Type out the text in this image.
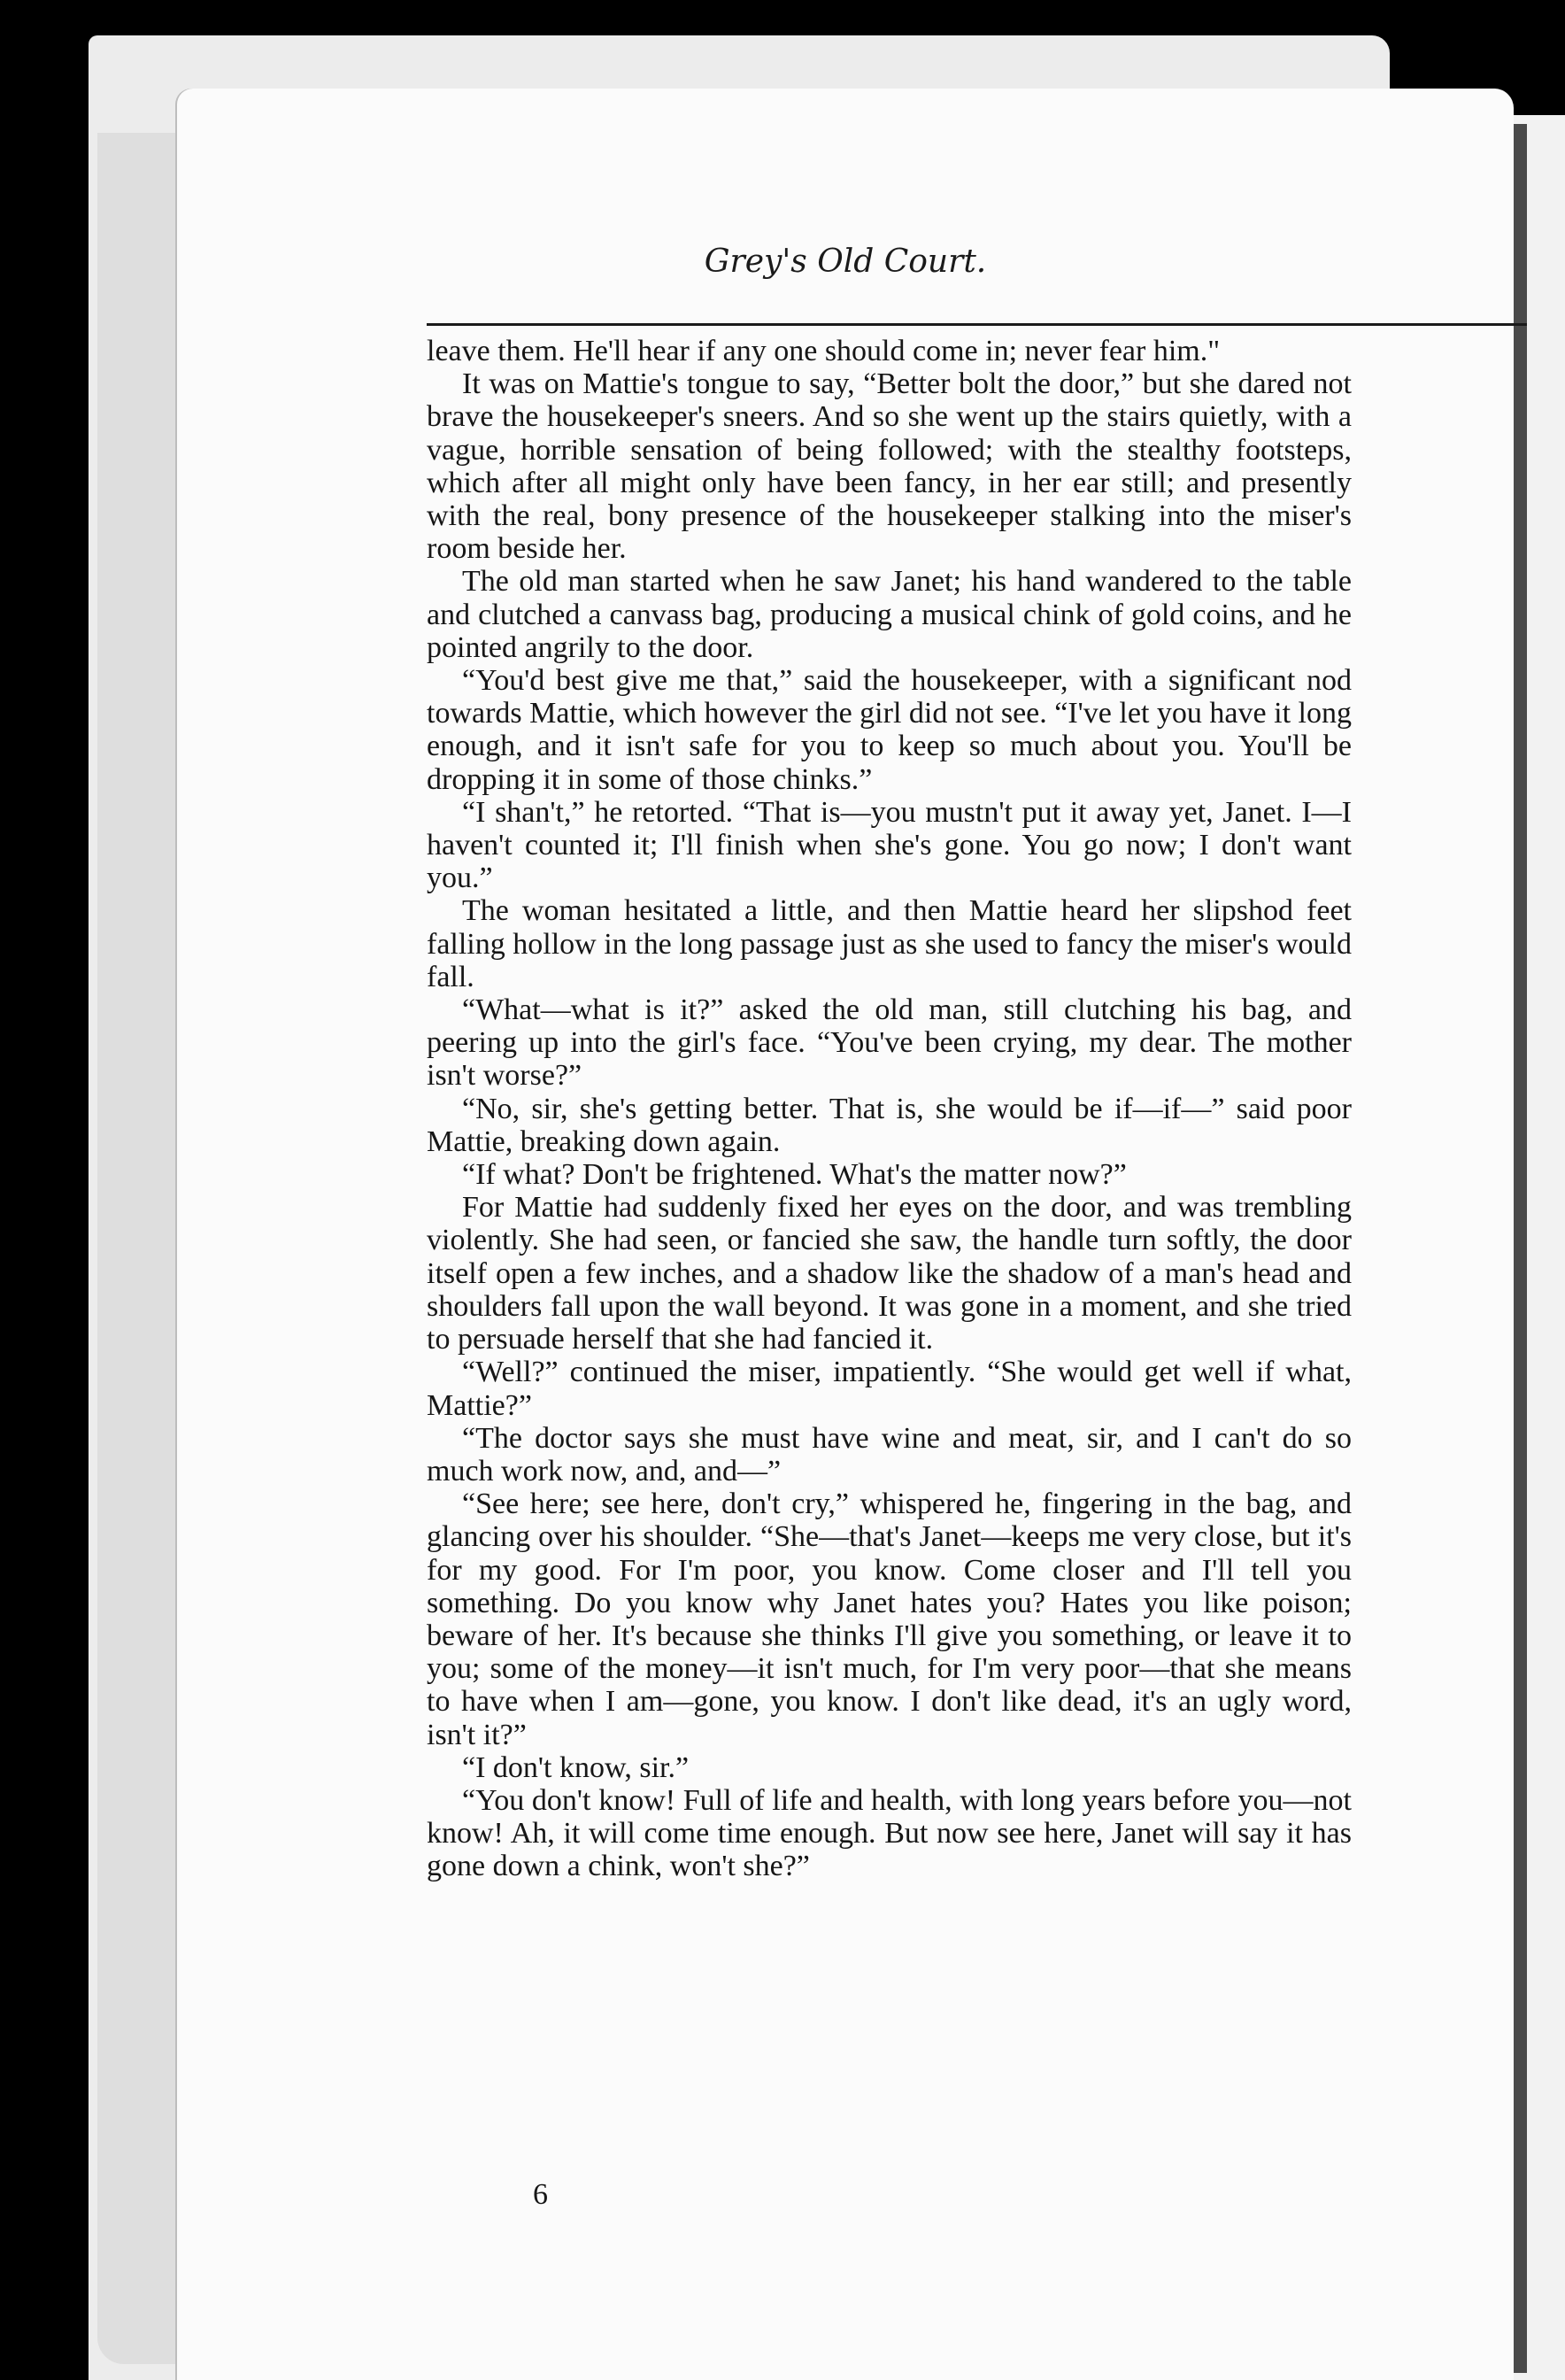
Grey's Old Court.

leave them. He'll hear if any one should come in; never fear him."

It was on Mattie's tongue to say, “Better bolt the door,” but she dared not brave the housekeeper's sneers. And so she went up the stairs quietly, with a vague, horrible sensation of being followed; with the stealthy footsteps, which after all might only have been fancy, in her ear still; and presently with the real, bony presence of the housekeeper stalking into the miser's room beside her.

The old man started when he saw Janet; his hand wandered to the table and clutched a canvass bag, producing a musical chink of gold coins, and he pointed angrily to the door.

“You'd best give me that,” said the housekeeper, with a significant nod towards Mattie, which however the girl did not see. “I've let you have it long enough, and it isn't safe for you to keep so much about you. You'll be dropping it in some of those chinks.”

“I shan't,” he retorted. “That is—you mustn't put it away yet, Janet. I—I haven't counted it; I'll finish when she's gone. You go now; I don't want you.”

The woman hesitated a little, and then Mattie heard her slipshod feet falling hollow in the long passage just as she used to fancy the miser's would fall.

“What—what is it?” asked the old man, still clutching his bag, and peering up into the girl's face. “You've been crying, my dear. The mother isn't worse?”

“No, sir, she's getting better. That is, she would be if—if—” said poor Mattie, breaking down again.

“If what? Don't be frightened. What's the matter now?”

For Mattie had suddenly fixed her eyes on the door, and was trembling violently. She had seen, or fancied she saw, the handle turn softly, the door itself open a few inches, and a shadow like the shadow of a man's head and shoulders fall upon the wall beyond. It was gone in a moment, and she tried to persuade herself that she had fancied it.

“Well?” continued the miser, impatiently. “She would get well if what, Mattie?”

“The doctor says she must have wine and meat, sir, and I can't do so much work now, and, and—”

“See here; see here, don't cry,” whispered he, fingering in the bag, and glancing over his shoulder. “She—that's Janet—keeps me very close, but it's for my good. For I'm poor, you know. Come closer and I'll tell you something. Do you know why Janet hates you? Hates you like poison; beware of her. It's because she thinks I'll give you something, or leave it to you; some of the money—it isn't much, for I'm very poor—that she means to have when I am—gone, you know. I don't like dead, it's an ugly word, isn't it?”

“I don't know, sir.”

“You don't know! Full of life and health, with long years before you—not know! Ah, it will come time enough. But now see here, Janet will say it has gone down a chink, won't she?”

6
